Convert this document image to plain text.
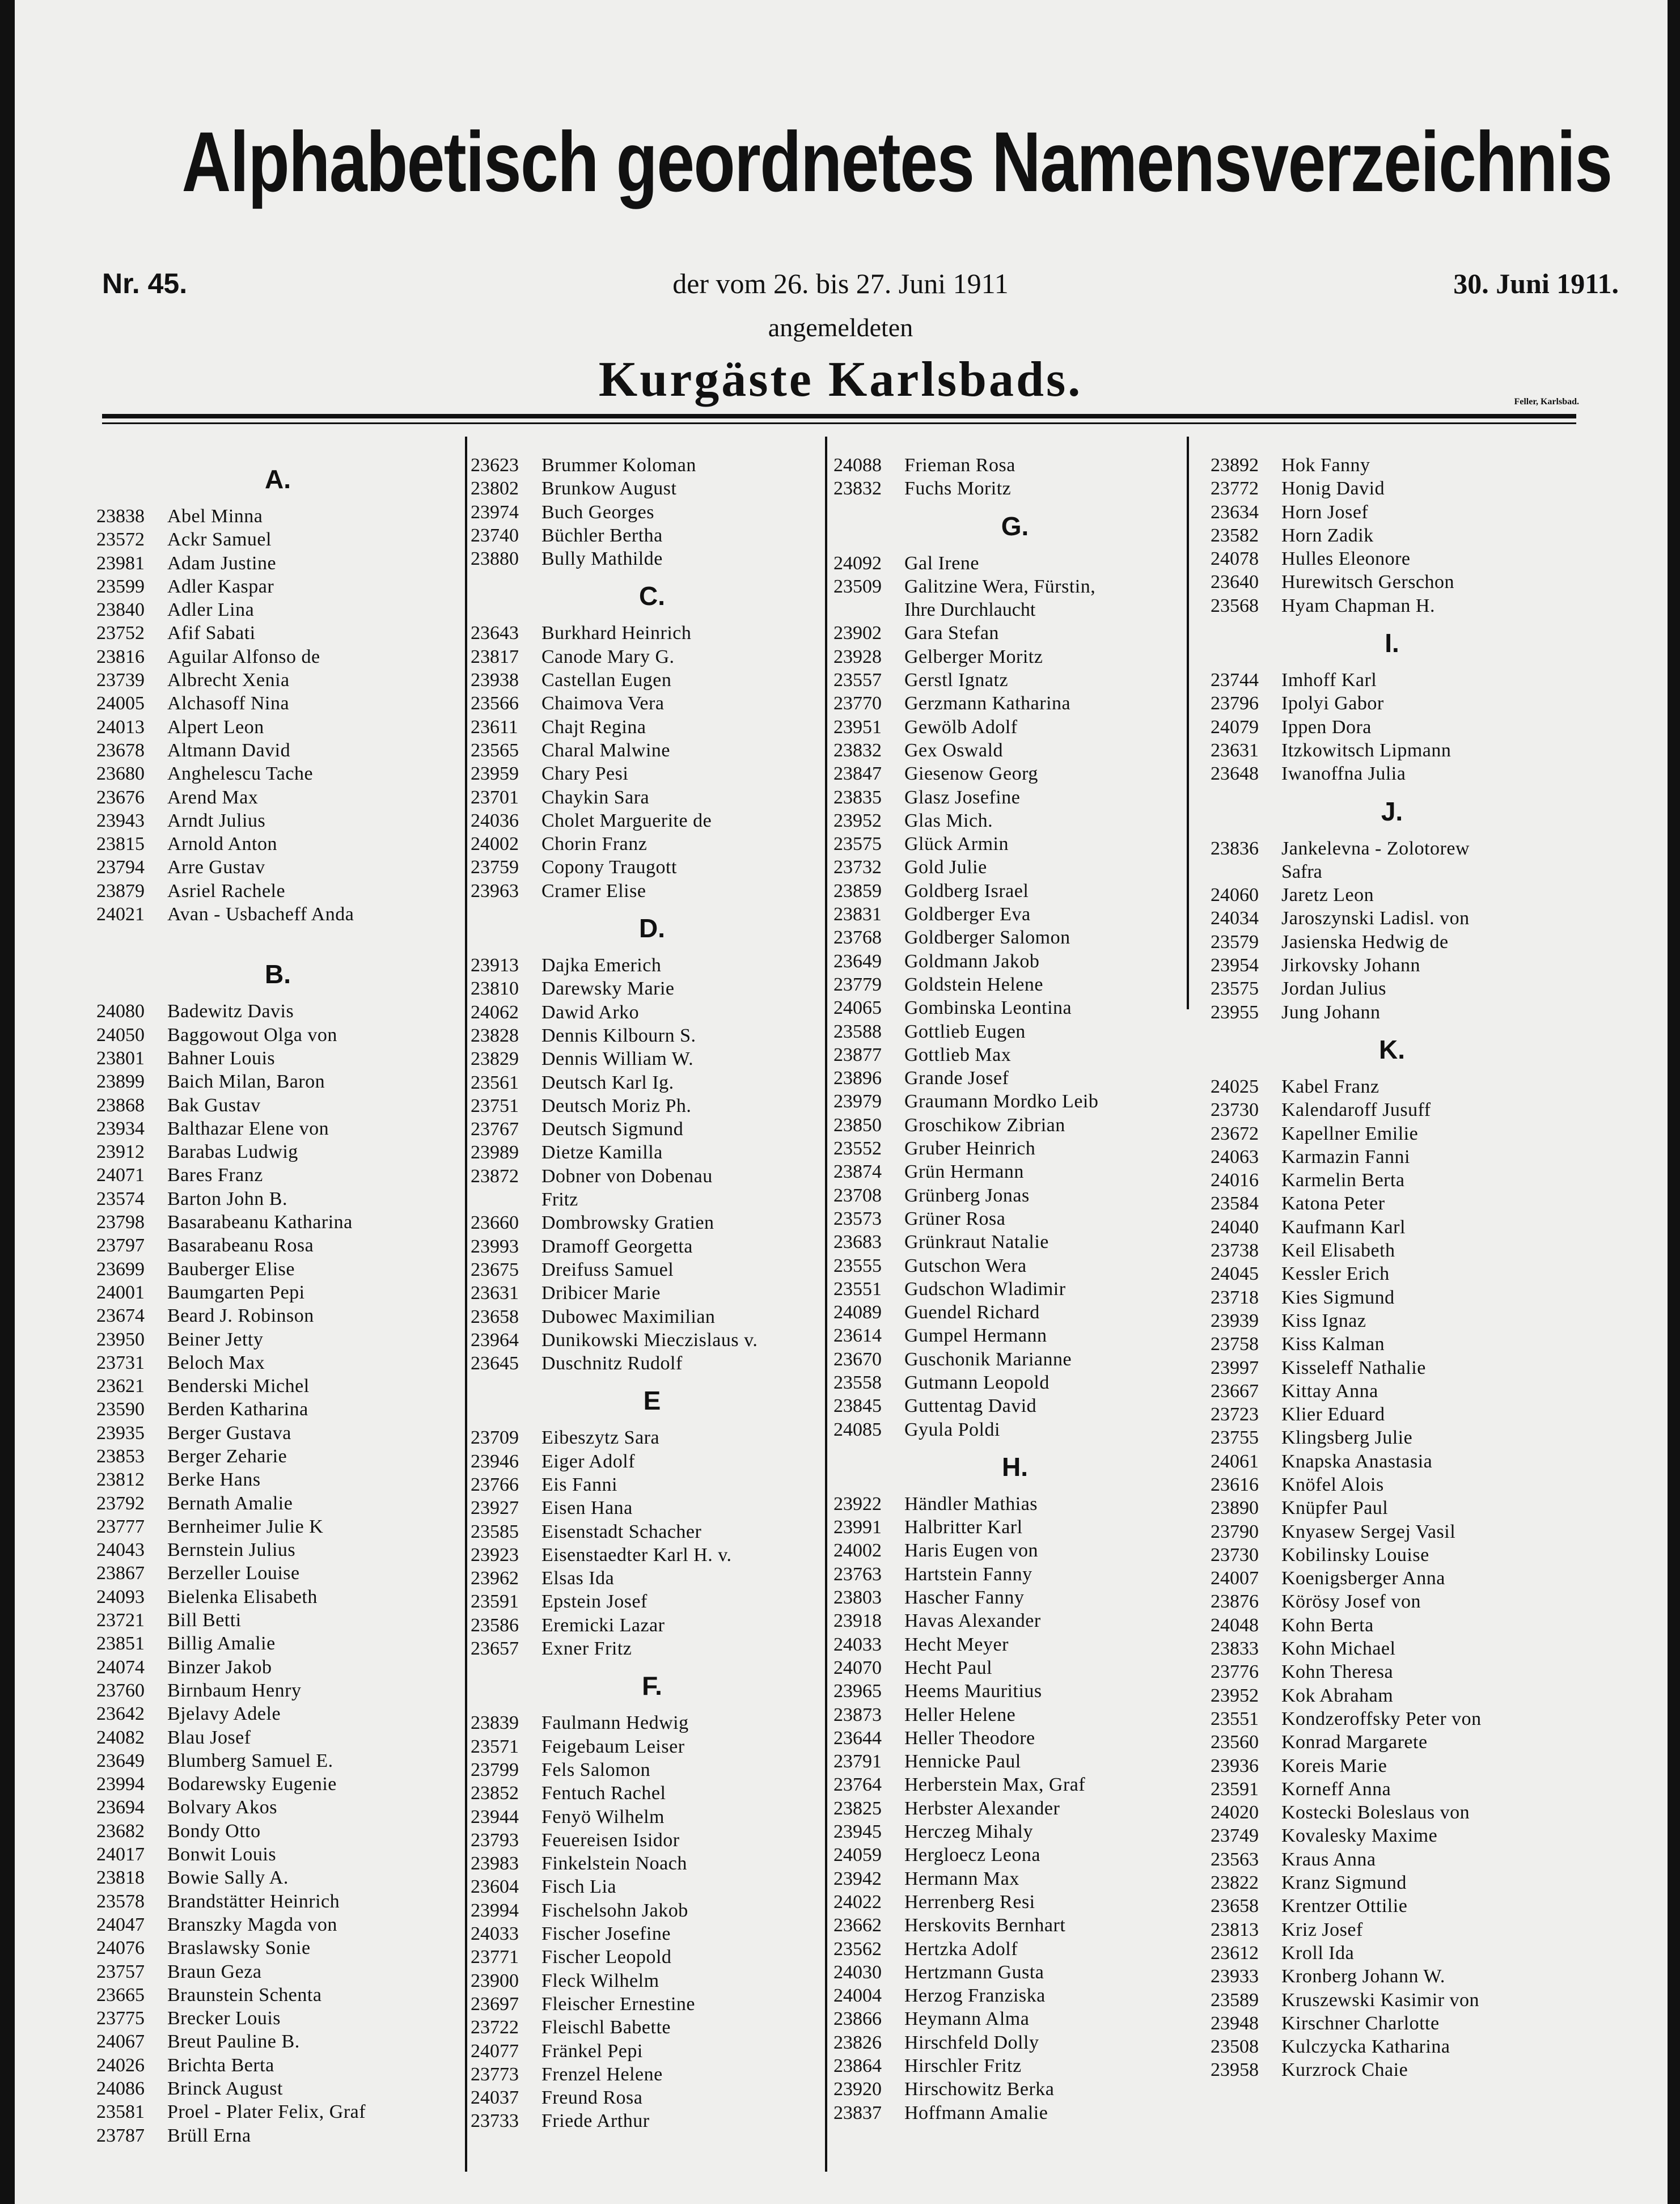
Alphabetisch geordnetes Namensverzeichnis
Nr. 45.	der vom 26. bis 27. Juni 1911	30. Juni 1911.
angemeldeten
Kurgäste Karlsbads.	Feller, Karlsbad.
A.
23838	Abel Minna
23572	Ackr Samuel
23981	Adam Justine
23599	Adler Kaspar
23840	Adler Lina
23752	Afif Sabati
23816	Aguilar Alfonso de
23739	Albrecht Xenia
24005	Alchasoff Nina
24013	Alpert Leon
23678	Altmann David
23680	Anghelescu Tache
23676	Arend Max
23943	Arndt Julius
23815	Arnold Anton
23794	Arre Gustav
23879	Asriel Rachele
24021	Avan - Usbacheff Anda
B.
24080	Badewitz Davis
24050	Baggowout Olga von
23801	Bahner Louis
23899	Baich Milan, Baron
23868	Bak Gustav
23934	Balthazar Elene von
23912	Barabas Ludwig
24071	Bares Franz
23574	Barton John B.
23798	Basarabeanu Katharina
23797	Basarabeanu Rosa
23699	Bauberger Elise
24001	Baumgarten Pepi
23674	Beard J. Robinson
23950	Beiner Jetty
23731	Beloch Max
23621	Benderski Michel
23590	Berden Katharina
23935	Berger Gustava
23853	Berger Zeharie
23812	Berke Hans
23792	Bernath Amalie
23777	Bernheimer Julie K
24043	Bernstein Julius
23867	Berzeller Louise
24093	Bielenka Elisabeth
23721	Bill Betti
23851	Billig Amalie
24074	Binzer Jakob
23760	Birnbaum Henry
23642	Bjelavy Adele
24082	Blau Josef
23649	Blumberg Samuel E.
23994	Bodarewsky Eugenie
23694	Bolvary Akos
23682	Bondy Otto
24017	Bonwit Louis
23818	Bowie Sally A.
23578	Brandstätter Heinrich
24047	Branszky Magda von
24076	Braslawsky Sonie
23757	Braun Geza
23665	Braunstein Schenta
23775	Brecker Louis
24067	Breut Pauline B.
24026	Brichta Berta
24086	Brinck August
23581	Proel - Plater Felix, Graf
23787	Brüll Erna
23623	Brummer Koloman
23802	Brunkow August
23974	Buch Georges
23740	Büchler Bertha
23880	Bully Mathilde
C.
23643	Burkhard Heinrich
23817	Canode Mary G.
23938	Castellan Eugen
23566	Chaimova Vera
23611	Chajt Regina
23565	Charal Malwine
23959	Chary Pesi
23701	Chaykin Sara
24036	Cholet Marguerite de
24002	Chorin Franz
23759	Copony Traugott
23963	Cramer Elise
D.
23913	Dajka Emerich
23810	Darewsky Marie
24062	Dawid Arko
23828	Dennis Kilbourn S.
23829	Dennis William W.
23561	Deutsch Karl Ig.
23751	Deutsch Moriz Ph.
23767	Deutsch Sigmund
23989	Dietze Kamilla
23872	Dobner von Dobenau
Fritz
23660	Dombrowsky Gratien
23993	Dramoff Georgetta
23675	Dreifuss Samuel
23631	Dribicer Marie
23658	Dubowec Maximilian
23964	Dunikowski Mieczislaus v.
23645	Duschnitz Rudolf
E
23709	Eibeszytz Sara
23946	Eiger Adolf
23766	Eis Fanni
23927	Eisen Hana
23585	Eisenstadt Schacher
23923	Eisenstaedter Karl H. v.
23962	Elsas Ida
23591	Epstein Josef
23586	Eremicki Lazar
23657	Exner Fritz
F.
23839	Faulmann Hedwig
23571	Feigebaum Leiser
23799	Fels Salomon
23852	Fentuch Rachel
23944	Fenyö Wilhelm
23793	Feuereisen Isidor
23983	Finkelstein Noach
23604	Fisch Lia
23994	Fischelsohn Jakob
24033	Fischer Josefine
23771	Fischer Leopold
23900	Fleck Wilhelm
23697	Fleischer Ernestine
23722	Fleischl Babette
24077	Fränkel Pepi
23773	Frenzel Helene
24037	Freund Rosa
23733	Friede Arthur
24088	Frieman Rosa
23832	Fuchs Moritz
G.
24092	Gal Irene
23509	Galitzine Wera, Fürstin,
Ihre Durchlaucht
23902	Gara Stefan
23928	Gelberger Moritz
23557	Gerstl Ignatz
23770	Gerzmann Katharina
23951	Gewölb Adolf
23832	Gex Oswald
23847	Giesenow Georg
23835	Glasz Josefine
23952	Glas Mich.
23575	Glück Armin
23732	Gold Julie
23859	Goldberg Israel
23831	Goldberger Eva
23768	Goldberger Salomon
23649	Goldmann Jakob
23779	Goldstein Helene
24065	Gombinska Leontina
23588	Gottlieb Eugen
23877	Gottlieb Max
23896	Grande Josef
23979	Graumann Mordko Leib
23850	Groschikow Zibrian
23552	Gruber Heinrich
23874	Grün Hermann
23708	Grünberg Jonas
23573	Grüner Rosa
23683	Grünkraut Natalie
23555	Gutschon Wera
23551	Gudschon Wladimir
24089	Guendel Richard
23614	Gumpel Hermann
23670	Guschonik Marianne
23558	Gutmann Leopold
23845	Guttentag David
24085	Gyula Poldi
H.
23922	Händler Mathias
23991	Halbritter Karl
24002	Haris Eugen von
23763	Hartstein Fanny
23803	Hascher Fanny
23918	Havas Alexander
24033	Hecht Meyer
24070	Hecht Paul
23965	Heems Mauritius
23873	Heller Helene
23644	Heller Theodore
23791	Hennicke Paul
23764	Herberstein Max, Graf
23825	Herbster Alexander
23945	Herczeg Mihaly
24059	Hergloecz Leona
23942	Hermann Max
24022	Herrenberg Resi
23662	Herskovits Bernhart
23562	Hertzka Adolf
24030	Hertzmann Gusta
24004	Herzog Franziska
23866	Heymann Alma
23826	Hirschfeld Dolly
23864	Hirschler Fritz
23920	Hirschowitz Berka
23837	Hoffmann Amalie
23892	Hok Fanny
23772	Honig David
23634	Horn Josef
23582	Horn Zadik
24078	Hulles Eleonore
23640	Hurewitsch Gerschon
23568	Hyam Chapman H.
I.
23744	Imhoff Karl
23796	Ipolyi Gabor
24079	Ippen Dora
23631	Itzkowitsch Lipmann
23648	Iwanoffna Julia
J.
23836	Jankelevna - Zolotorew
Safra
24060	Jaretz Leon
24034	Jaroszynski Ladisl. von
23579	Jasienska Hedwig de
23954	Jirkovsky Johann
23575	Jordan Julius
23955	Jung Johann
K.
24025	Kabel Franz
23730	Kalendaroff Jusuff
23672	Kapellner Emilie
24063	Karmazin Fanni
24016	Karmelin Berta
23584	Katona Peter
24040	Kaufmann Karl
23738	Keil Elisabeth
24045	Kessler Erich
23718	Kies Sigmund
23939	Kiss Ignaz
23758	Kiss Kalman
23997	Kisseleff Nathalie
23667	Kittay Anna
23723	Klier Eduard
23755	Klingsberg Julie
24061	Knapska Anastasia
23616	Knöfel Alois
23890	Knüpfer Paul
23790	Knyasew Sergej Vasil
23730	Kobilinsky Louise
24007	Koenigsberger Anna
23876	Körösy Josef von
24048	Kohn Berta
23833	Kohn Michael
23776	Kohn Theresa
23952	Kok Abraham
23551	Kondzeroffsky Peter von
23560	Konrad Margarete
23936	Koreis Marie
23591	Korneff Anna
24020	Kostecki Boleslaus von
23749	Kovalesky Maxime
23563	Kraus Anna
23822	Kranz Sigmund
23658	Krentzer Ottilie
23813	Kriz Josef
23612	Kroll Ida
23933	Kronberg Johann W.
23589	Kruszewski Kasimir von
23948	Kirschner Charlotte
23508	Kulczycka Katharina
23958	Kurzrock Chaie
